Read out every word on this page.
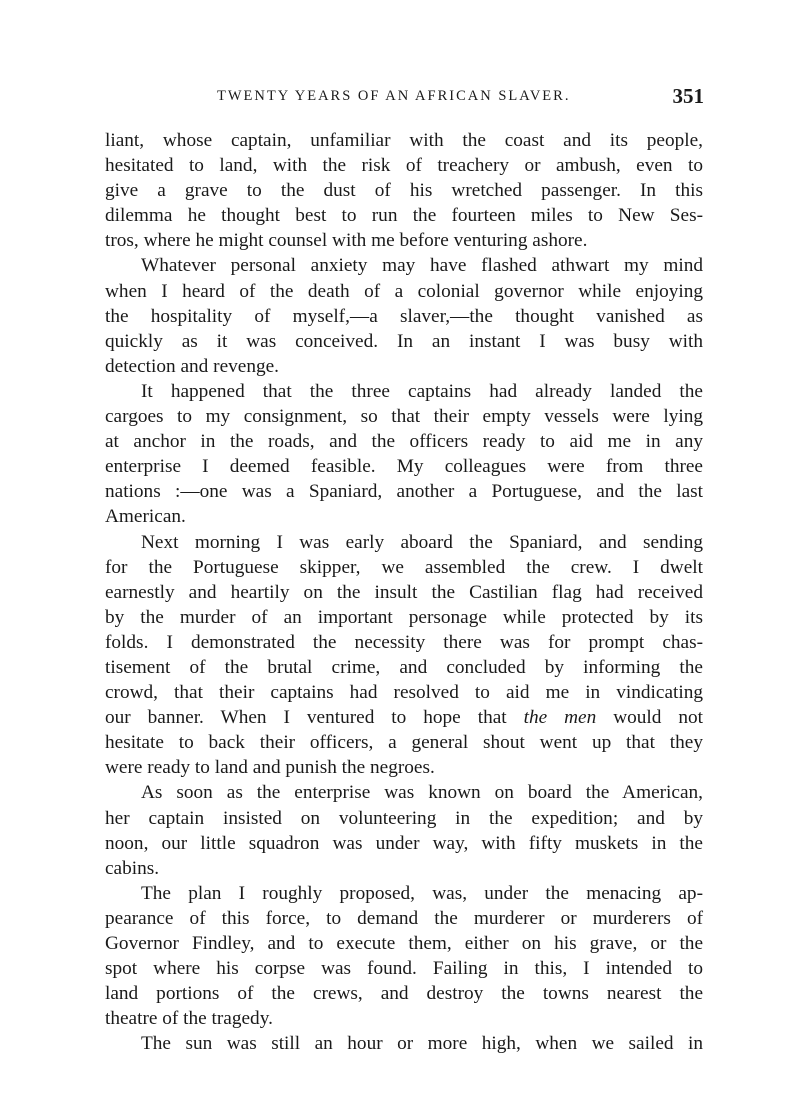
TWENTY YEARS OF AN AFRICAN SLAVER.	351
liant, whose captain, unfamiliar with the coast and its people,
hesitated to land, with the risk of treachery or ambush, even to
give a grave to the dust of his wretched passenger. In this
dilemma he thought best to run the fourteen miles to New Ses-
tros, where he might counsel with me before venturing ashore.
Whatever personal anxiety may have flashed athwart my mind
when I heard of the death of a colonial governor while enjoying
the hospitality of myself,—a slaver,—the thought vanished as
quickly as it was conceived. In an instant I was busy with
detection and revenge.
It happened that the three captains had already landed the
cargoes to my consignment, so that their empty vessels were lying
at anchor in the roads, and the officers ready to aid me in any
enterprise I deemed feasible. My colleagues were from three
nations :—one was a Spaniard, another a Portuguese, and the last
American.
Next morning I was early aboard the Spaniard, and sending
for the Portuguese skipper, we assembled the crew. I dwelt
earnestly and heartily on the insult the Castilian flag had received
by the murder of an important personage while protected by its
folds. I demonstrated the necessity there was for prompt chas-
tisement of the brutal crime, and concluded by informing the
crowd, that their captains had resolved to aid me in vindicating
our banner. When I ventured to hope that the men would not
hesitate to back their officers, a general shout went up that they
were ready to land and punish the negroes.
As soon as the enterprise was known on board the American,
her captain insisted on volunteering in the expedition; and by
noon, our little squadron was under way, with fifty muskets in the
cabins.
The plan I roughly proposed, was, under the menacing ap-
pearance of this force, to demand the murderer or murderers of
Governor Findley, and to execute them, either on his grave, or the
spot where his corpse was found. Failing in this, I intended to
land portions of the crews, and destroy the towns nearest the
theatre of the tragedy.
The sun was still an hour or more high, when we sailed in
